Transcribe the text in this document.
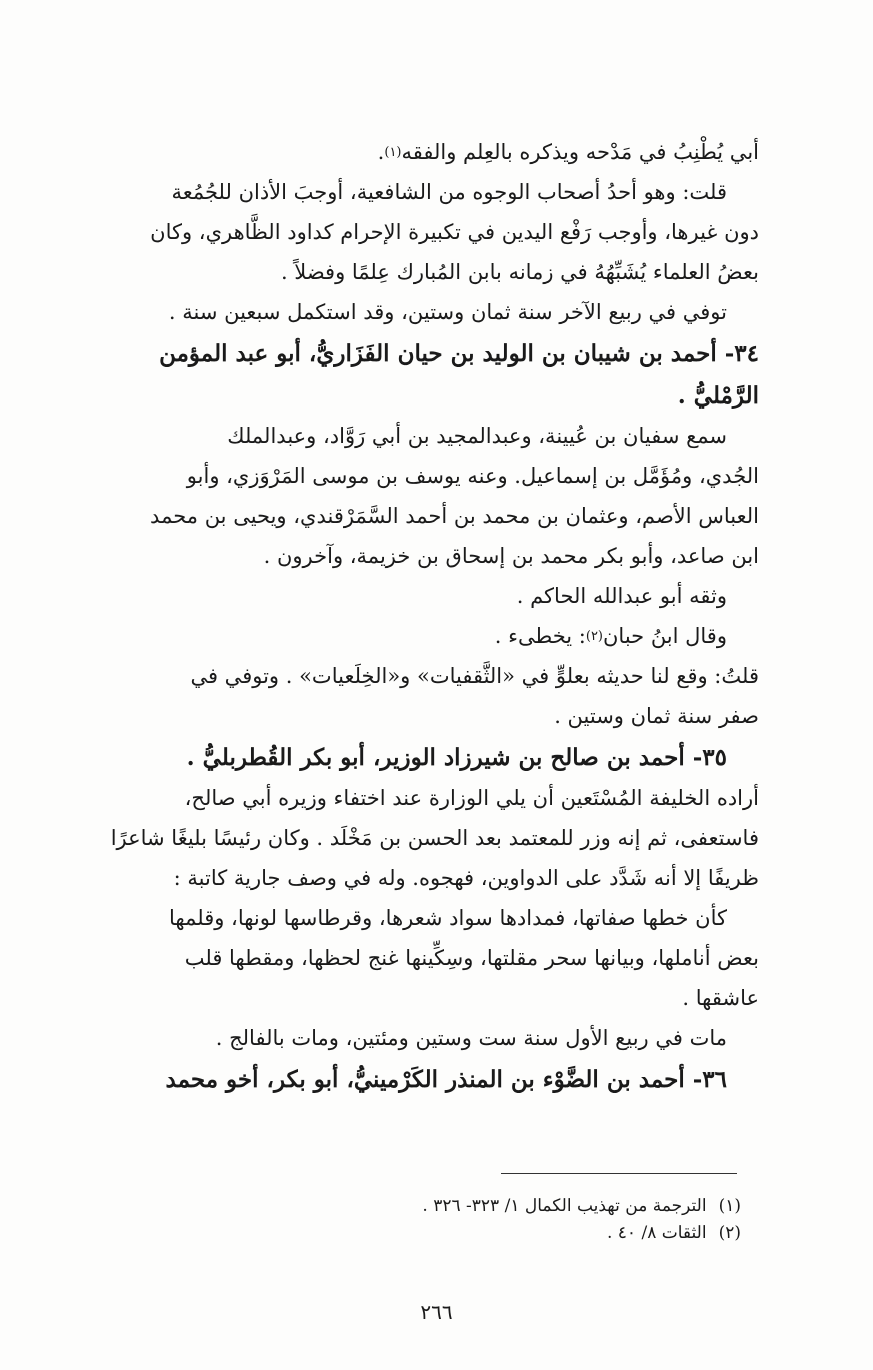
أبي يُطْنِبُ في مَدْحه ويذكره بالعِلم والفقه
(١)
.
قلت: وهو أحدُ أصحاب الوجوه من الشافعية، أوجبَ الأذان للجُمُعة
دون غيرها، وأوجب رَفْع اليدين في تكبيرة الإحرام كداود الظَّاهري، وكان
بعضُ العلماء يُشَبِّهُهُ في زمانه بابن المُبارك عِلمًا وفضلاً .
توفي في ربيع الآخر سنة ثمان وستين، وقد استكمل سبعين سنة .
٣٤- أحمد بن شيبان بن الوليد بن حيان الفَزَاريُّ، أبو عبد المؤمن
الرَّمْليُّ .
سمع سفيان بن عُيينة، وعبدالمجيد بن أبي رَوَّاد، وعبدالملك
الجُدي، ومُؤَمَّل بن إسماعيل. وعنه يوسف بن موسى المَرْوَزي، وأبو
العباس الأصم، وعثمان بن محمد بن أحمد السَّمَرْقندي، ويحيى بن محمد
ابن صاعد، وأبو بكر محمد بن إسحاق بن خزيمة، وآخرون .
وثقه أبو عبدالله الحاكم .
وقال ابنُ حبان
(٢)
: يخطىء .
قلتُ: وقع لنا حديثه بعلوٍّ في «الثَّقفيات» و«الخِلَعيات» . وتوفي في
صفر سنة ثمان وستين .
٣٥- أحمد بن صالح بن شيرزاد الوزير، أبو بكر القُطربليُّ .
أراده الخليفة المُسْتَعين أن يلي الوزارة عند اختفاء وزيره أبي صالح،
فاستعفى، ثم إنه وزر للمعتمد بعد الحسن بن مَخْلَد . وكان رئيسًا بليغًا شاعرًا
ظريفًا إلا أنه شَدَّد على الدواوين، فهجوه. وله في وصف جارية كاتبة :
كأن خطها صفاتها، فمدادها سواد شعرها، وقرطاسها لونها، وقلمها
بعض أناملها، وبيانها سحر مقلتها، وسِكِّينها غنج لحظها، ومقطها قلب
عاشقها .
مات في ربيع الأول سنة ست وستين ومئتين، ومات بالفالج .
٣٦- أحمد بن الضَّوْء بن المنذر الكَرْمينيُّ، أبو بكر، أخو محمد
(١)
الترجمة من تهذيب الكمال ١/ ٣٢٣- ٣٢٦ .
(٢)
الثقات ٨/ ٤٠ .
٢٦٦
